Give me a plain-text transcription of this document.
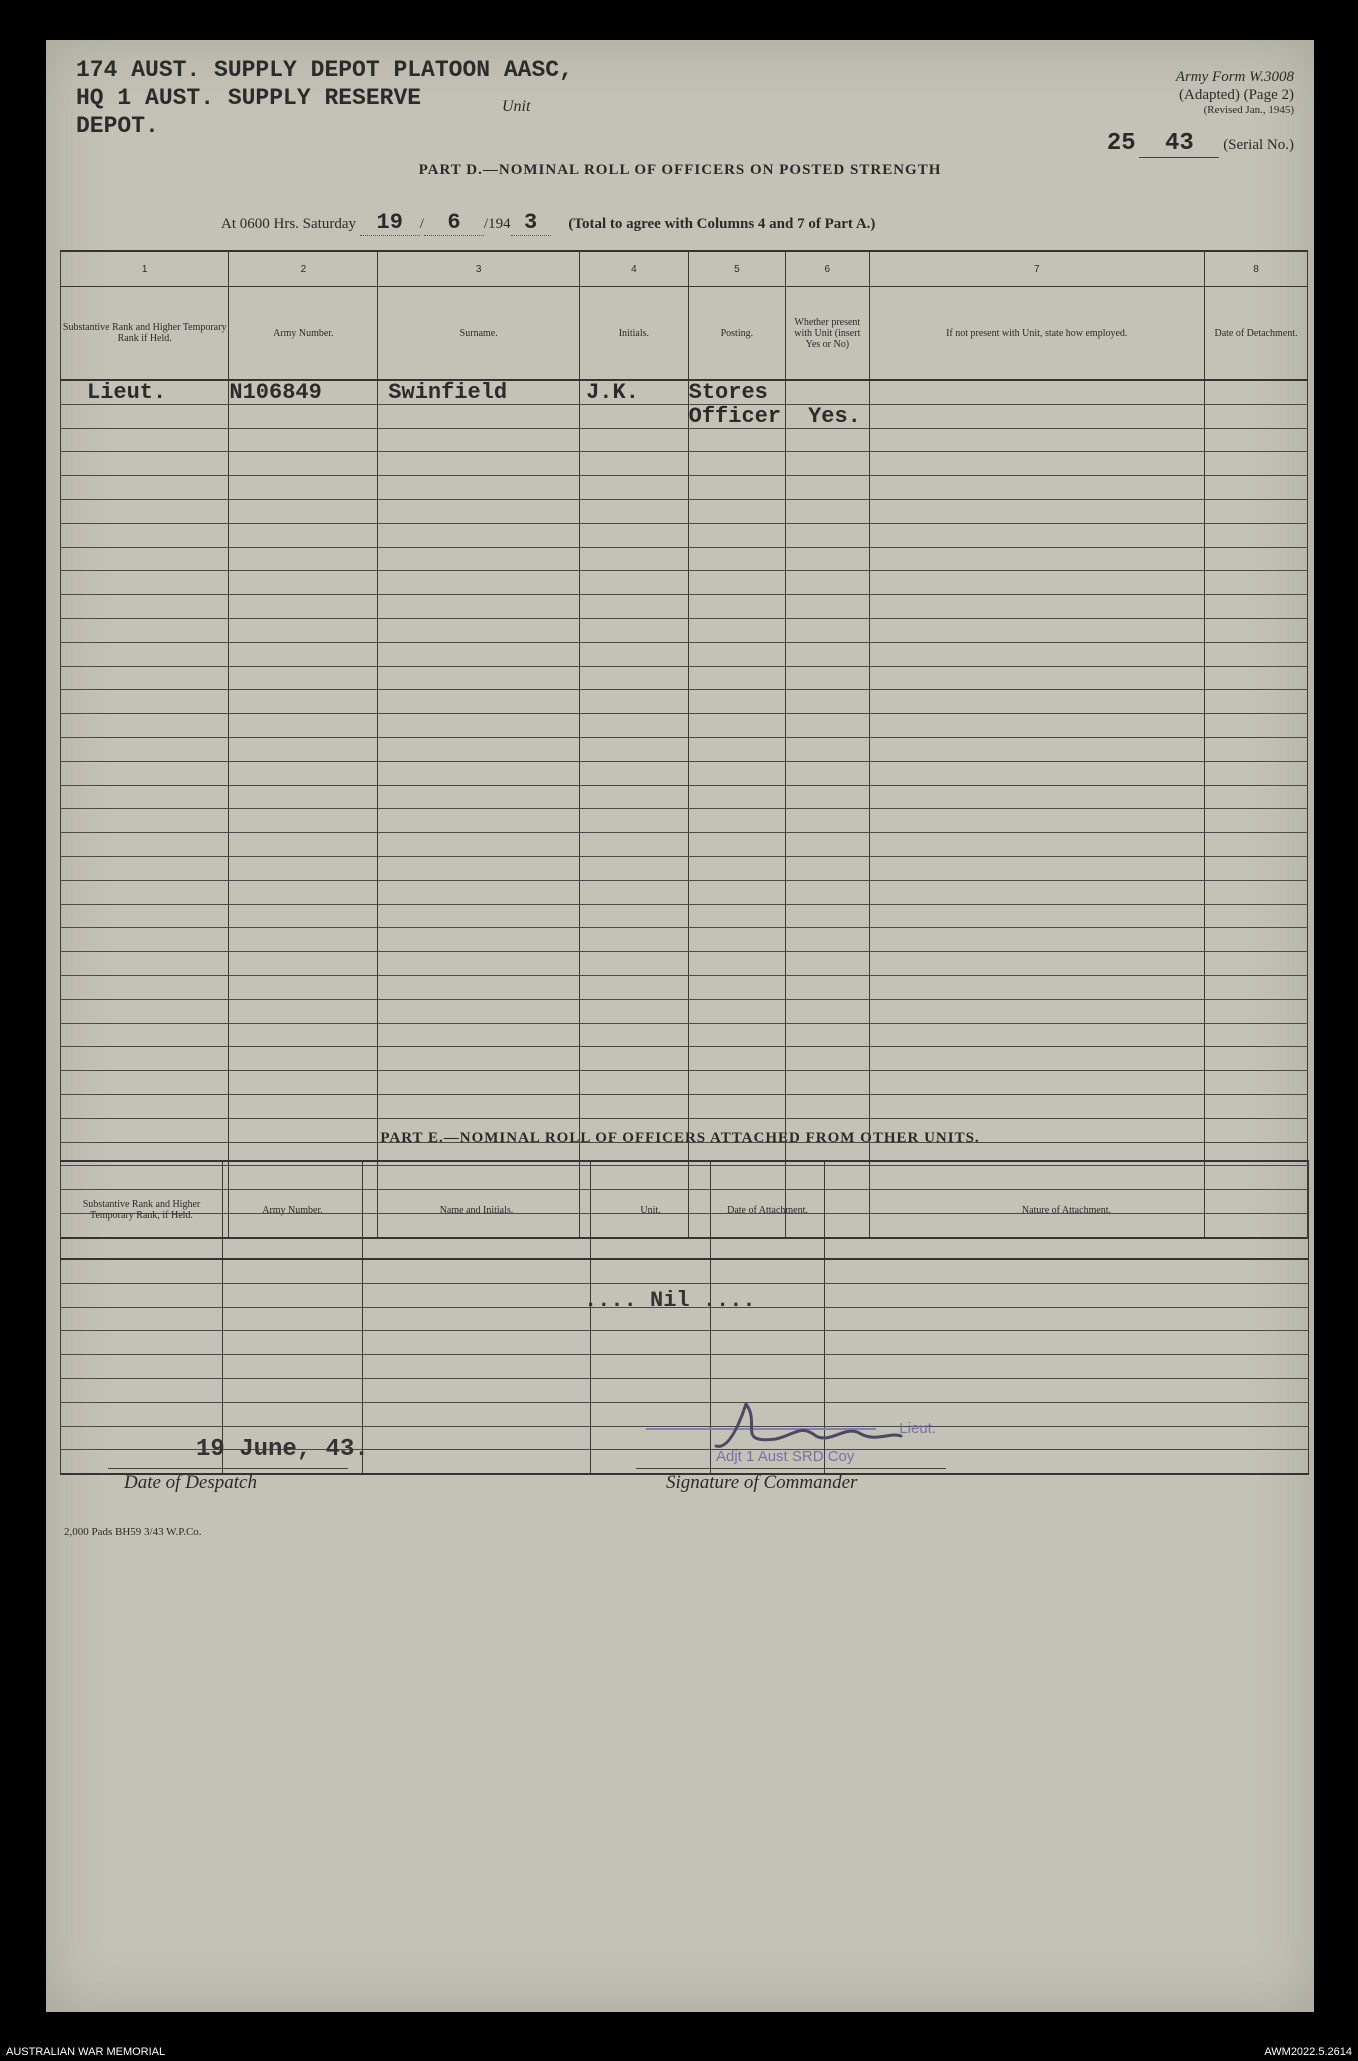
174 AUST. SUPPLY DEPOT PLATOON AASC,
HQ 1 AUST. SUPPLY RESERVE
DEPOT.
Unit
Army Form W.3008
(Adapted) (Page 2)
(Revised Jan., 1945)
25 43 (Serial No.)
PART D.—NOMINAL ROLL OF OFFICERS ON POSTED STRENGTH
At 0600 Hrs. Saturday 19 / 6 /194 3 (Total to agree with Columns 4 and 7 of Part A.)
1	2	3	4	5	6	7	8
Substantive Rank and Higher Temporary Rank if Held.	Army Number.	Surname.	Initials.	Posting.	Whether present with Unit (insert Yes or No)	If not present with Unit, state how employed.	Date of Detachment.
Lieut.	N106849	Swinfield	J.K.	Stores			
				Officer	Yes.		

PART E.—NOMINAL ROLL OF OFFICERS ATTACHED FROM OTHER UNITS.
Substantive Rank and Higher Temporary Rank, if Held.	Army Number.	Name and Initials.	Unit.	Date of Attachment.	Nature of Attachment.

.... Nil ....
19 June, 43.
Date of Despatch
Lieut.
Adjt 1 Aust SRD Coy
Signature of Commander
2,000 Pads BH59 3/43 W.P.Co.
AUSTRALIAN WAR MEMORIAL	AWM2022.5.2614
